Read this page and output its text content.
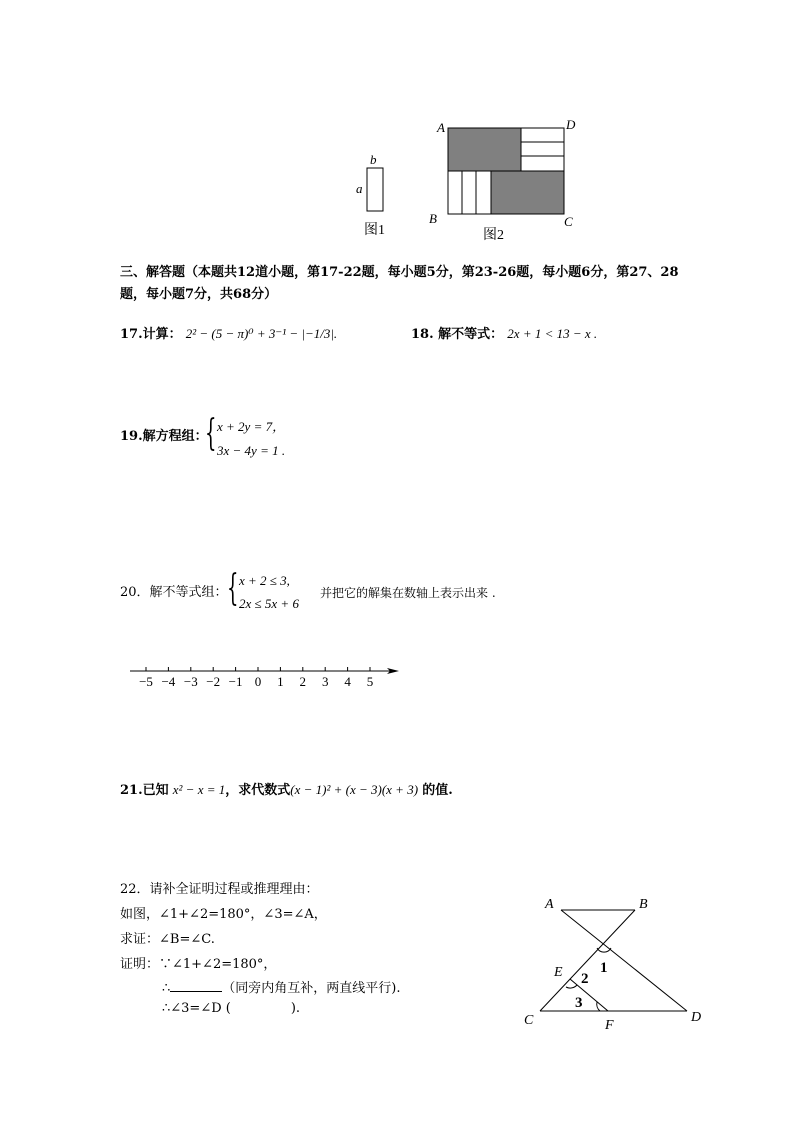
b
a
图1
A	D
B	C
图2
三、解答题（本题共12道小题，第17-22题，每小题5分，第23-26题，每小题6分，第27、28题，每小题7分，共68分）
17.计算： 2² − (5 − π)⁰ + 3⁻¹ − |−1/3|.	18. 解不等式： 2x + 1 < 13 − x .
19.解方程组：
{ x + 2y = 7，
3x − 4y = 1 .
20．解不等式组： { x + 2 ≤ 3,
2x ≤ 5x + 6
并把它的解集在数轴上表示出来 .
−5 −4 −3 −2 −1 0 1 2 3 4 5
21.已知 x² − x = 1，求代数式(x − 1)² + (x − 3)(x + 3) 的值.
22．请补全证明过程或推理理由：
如图，∠1+∠2=180°，∠3=∠A，
求证：∠B=∠C.
证明：∵∠1+∠2=180°，
∴	（同旁内角互补，两直线平行).
∴∠3=∠D (	).
A	B
C	D
E
F
1
2
3
